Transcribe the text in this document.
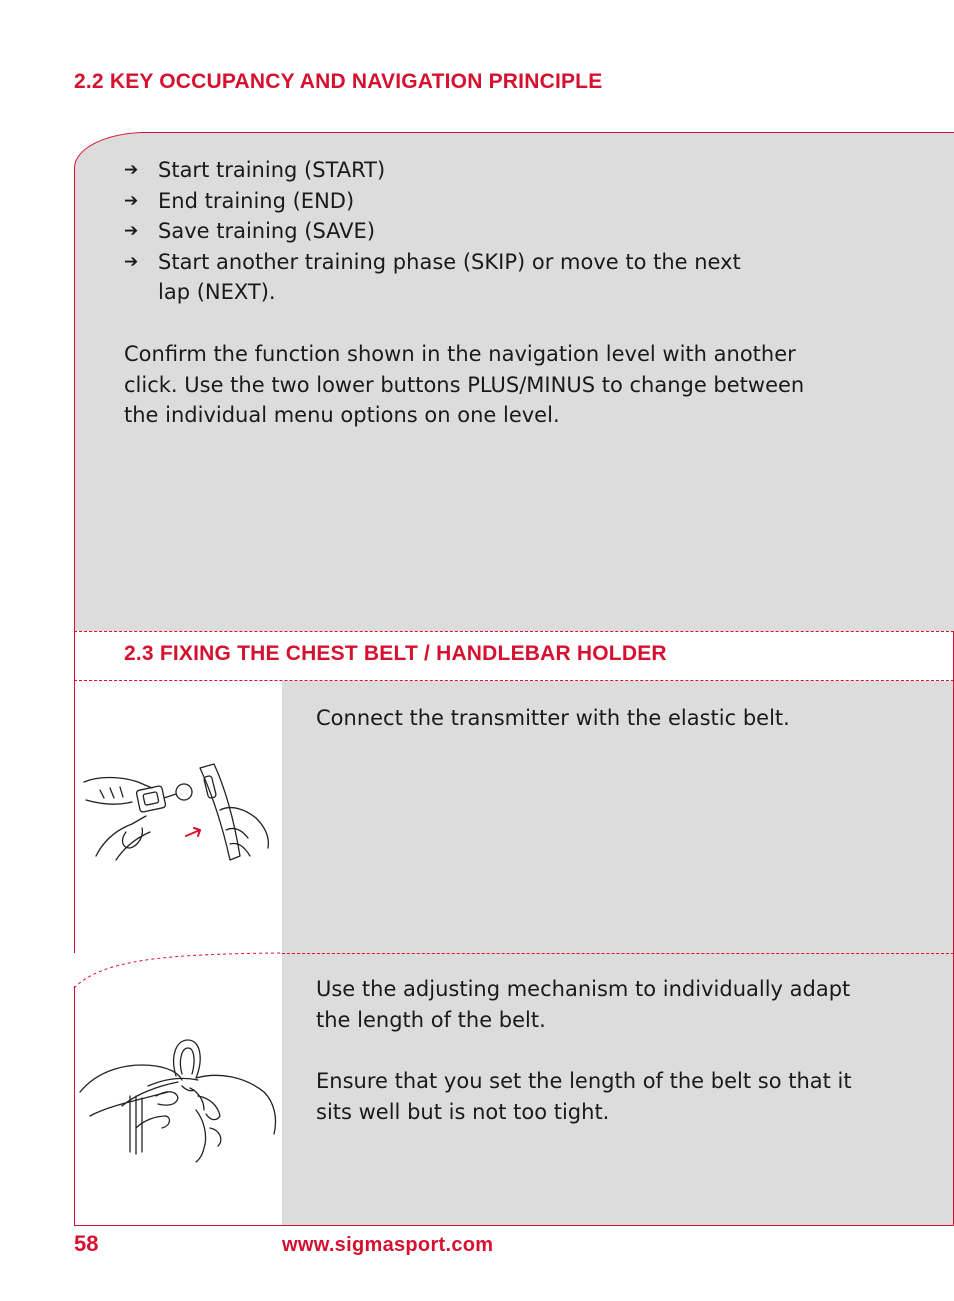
2.2 KEY OCCUPANCY AND NAVIGATION PRINCIPLE
➔ Start training (START)
➔ End training (END)
➔ Save training (SAVE)
➔ Start another training phase (SKIP) or move to the next lap (NEXT).

Confirm the function shown in the navigation level with another click. Use the two lower buttons PLUS/MINUS to change between the individual menu options on one level.

2.3 FIXING THE CHEST BELT / HANDLEBAR HOLDER

Connect the transmitter with the elastic belt.

Use the adjusting mechanism to individually adapt the length of the belt.

Ensure that you set the length of the belt so that it sits well but is not too tight.

58	www.sigmasport.com
